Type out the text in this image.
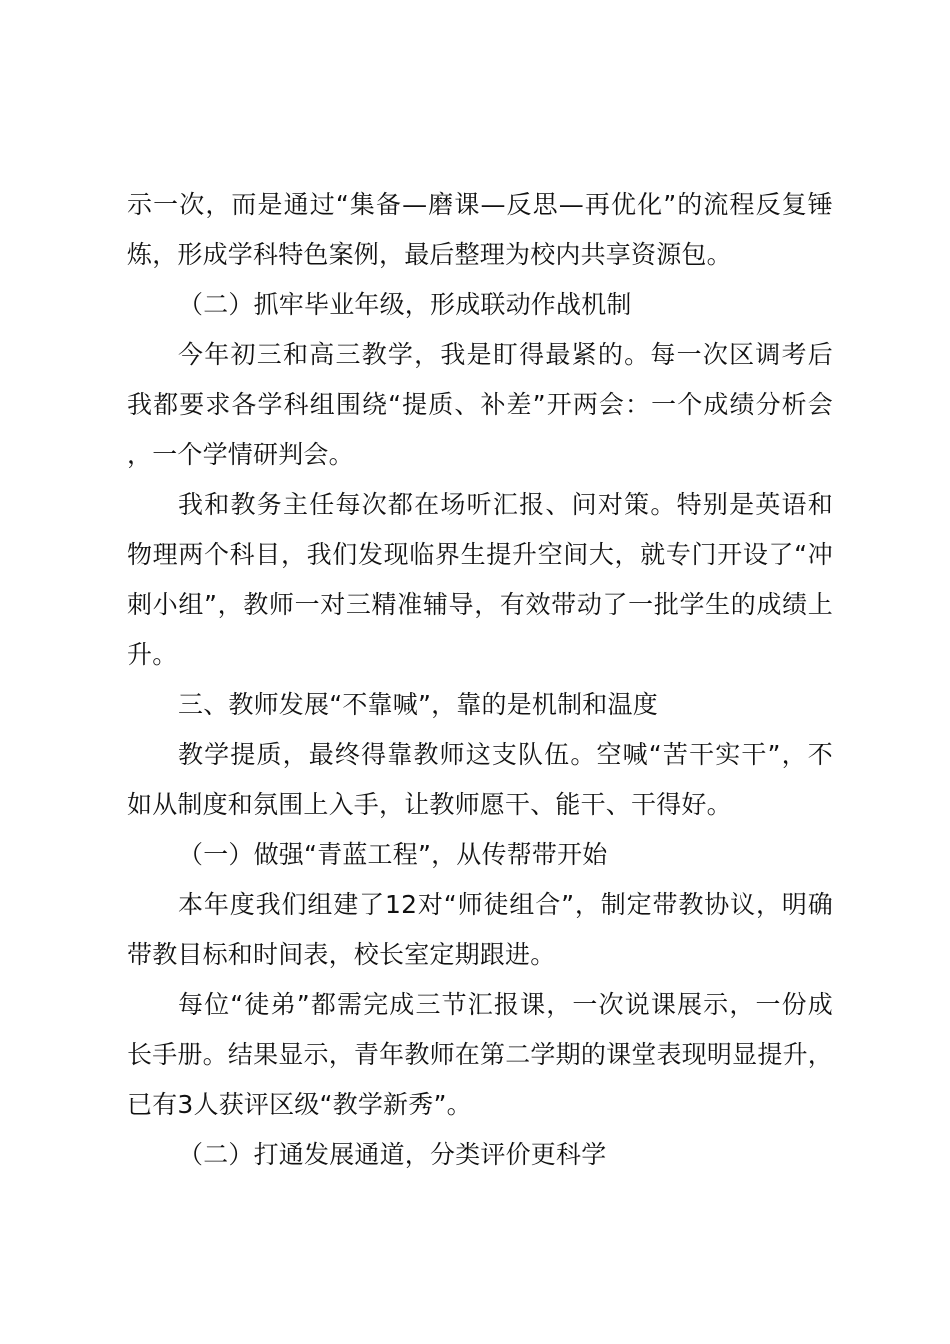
示一次，而是通过“集备—磨课—反思—再优化”的流程反复锤炼，形成学科特色案例，最后整理为校内共享资源包。

（二）抓牢毕业年级，形成联动作战机制

今年初三和高三教学，我是盯得最紧的。每一次区调考后我都要求各学科组围绕“提质、补差”开两会：一个成绩分析会，一个学情研判会。

我和教务主任每次都在场听汇报、问对策。特别是英语和物理两个科目，我们发现临界生提升空间大，就专门开设了“冲刺小组”，教师一对三精准辅导，有效带动了一批学生的成绩上升。

三、教师发展“不靠喊”，靠的是机制和温度

教学提质，最终得靠教师这支队伍。空喊“苦干实干”，不如从制度和氛围上入手，让教师愿干、能干、干得好。

（一）做强“青蓝工程”，从传帮带开始

本年度我们组建了12对“师徒组合”，制定带教协议，明确带教目标和时间表，校长室定期跟进。

每位“徒弟”都需完成三节汇报课，一次说课展示，一份成长手册。结果显示，青年教师在第二学期的课堂表现明显提升，已有3人获评区级“教学新秀”。

（二）打通发展通道，分类评价更科学
